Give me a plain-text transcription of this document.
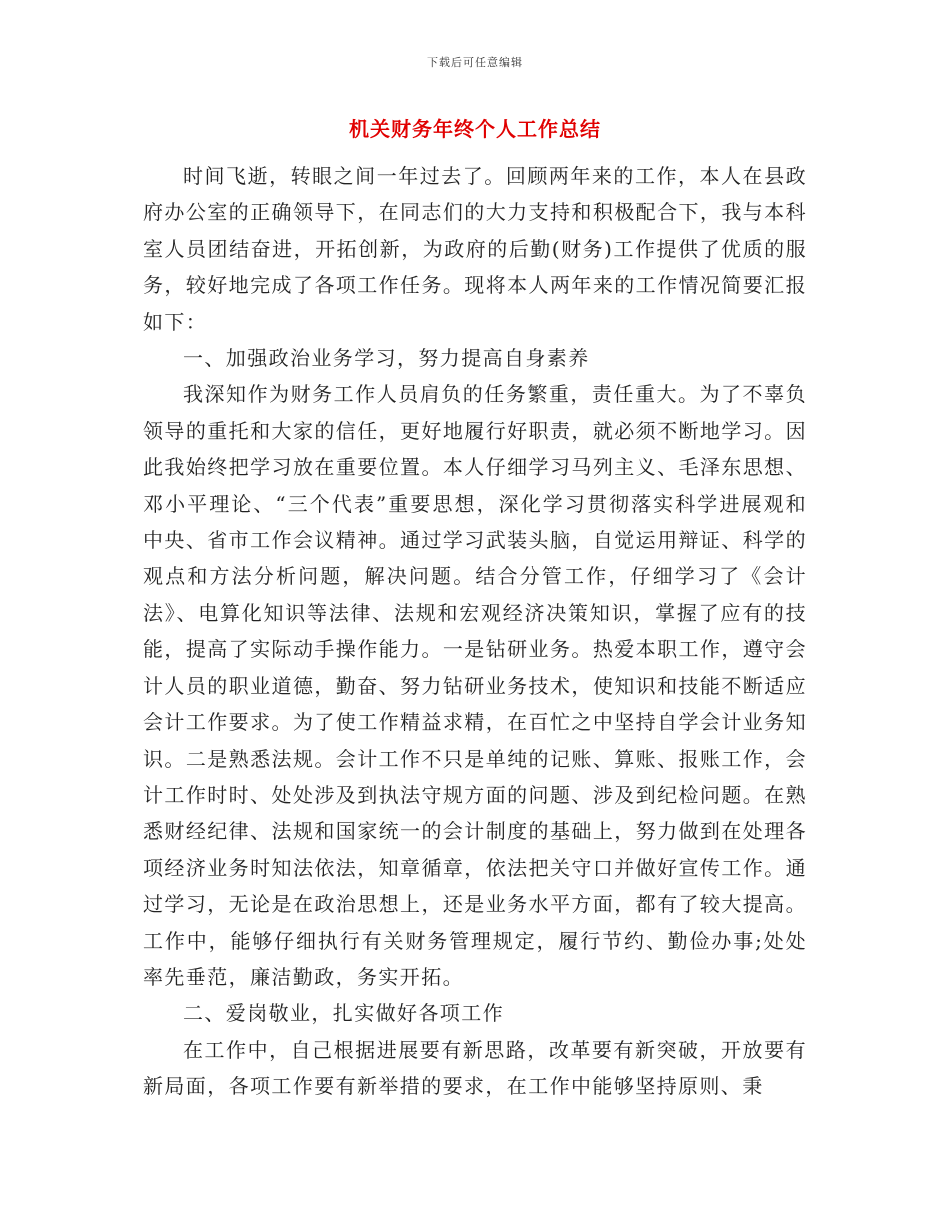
下载后可任意编辑
机关财务年终个人工作总结

时间飞逝，转眼之间一年过去了。回顾两年来的工作，本人在县政府办公室的正确领导下，在同志们的大力支持和积极配合下，我与本科室人员团结奋进，开拓创新，为政府的后勤(财务)工作提供了优质的服务，较好地完成了各项工作任务。现将本人两年来的工作情况简要汇报如下：

一、加强政治业务学习，努力提高自身素养

我深知作为财务工作人员肩负的任务繁重，责任重大。为了不辜负领导的重托和大家的信任，更好地履行好职责，就必须不断地学习。因此我始终把学习放在重要位置。本人仔细学习马列主义、毛泽东思想、邓小平理论、“三个代表”重要思想，深化学习贯彻落实科学进展观和中央、省市工作会议精神。通过学习武装头脑，自觉运用辩证、科学的观点和方法分析问题，解决问题。结合分管工作，仔细学习了《会计法》、电算化知识等法律、法规和宏观经济决策知识，掌握了应有的技能，提高了实际动手操作能力。一是钻研业务。热爱本职工作，遵守会计人员的职业道德，勤奋、努力钻研业务技术，使知识和技能不断适应会计工作要求。为了使工作精益求精，在百忙之中坚持自学会计业务知识。二是熟悉法规。会计工作不只是单纯的记账、算账、报账工作，会计工作时时、处处涉及到执法守规方面的问题、涉及到纪检问题。在熟悉财经纪律、法规和国家统一的会计制度的基础上，努力做到在处理各项经济业务时知法依法，知章循章，依法把关守口并做好宣传工作。通过学习，无论是在政治思想上，还是业务水平方面，都有了较大提高。工作中，能够仔细执行有关财务管理规定，履行节约、勤俭办事;处处率先垂范，廉洁勤政，务实开拓。

二、爱岗敬业，扎实做好各项工作

在工作中，自己根据进展要有新思路，改革要有新突破，开放要有新局面，各项工作要有新举措的要求，在工作中能够坚持原则、秉
